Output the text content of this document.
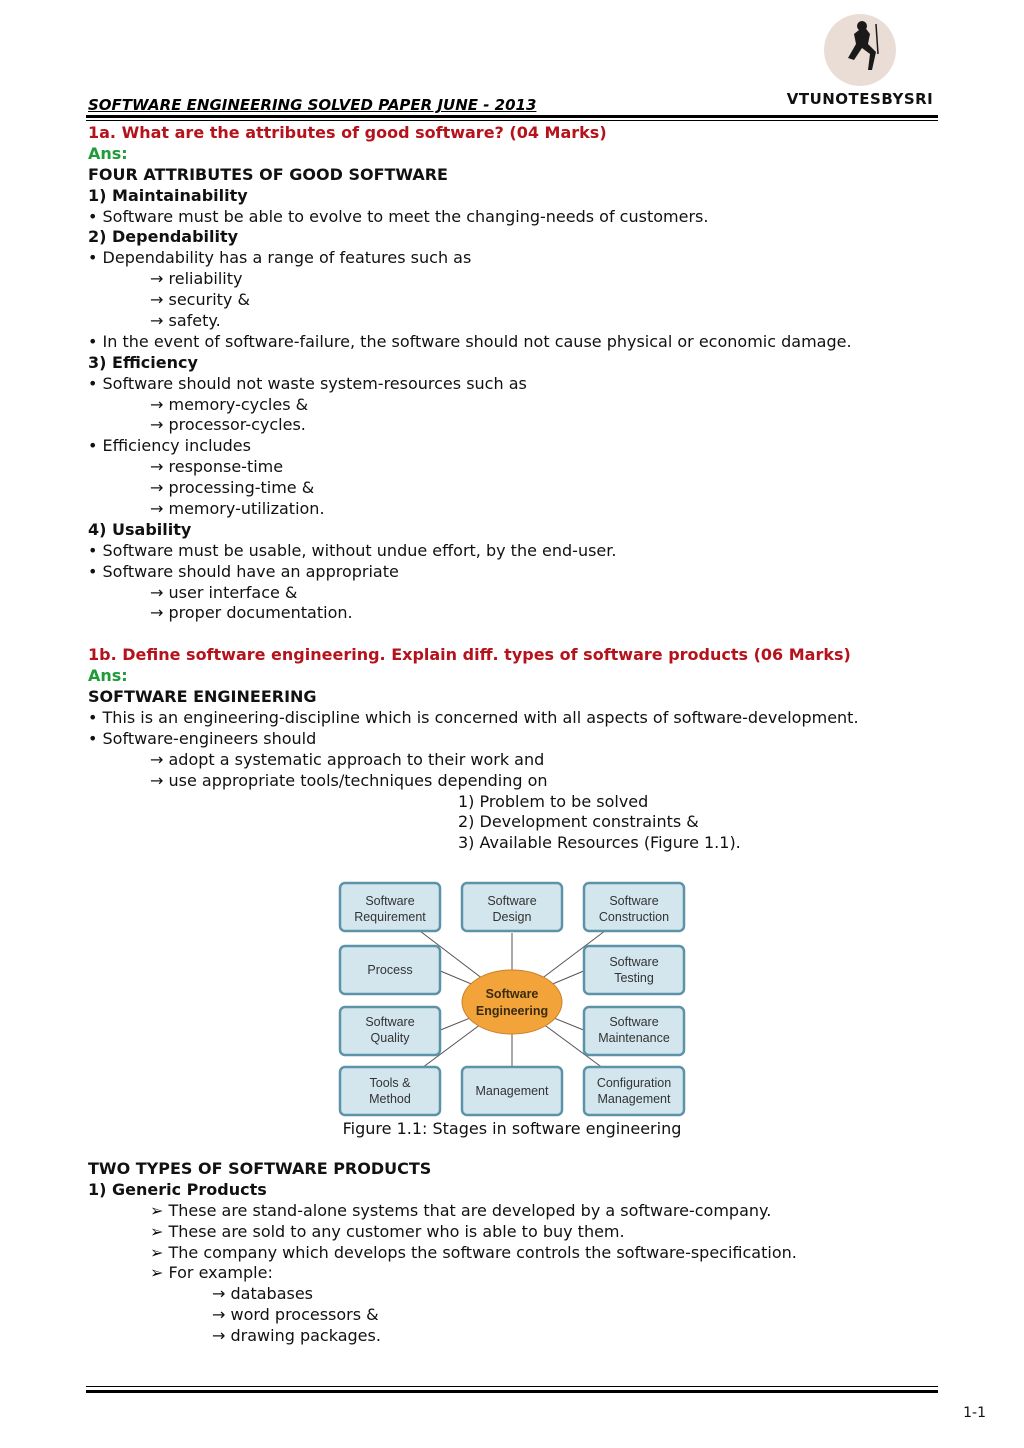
VTUNOTESBYSRI
SOFTWARE ENGINEERING SOLVED PAPER JUNE - 2013
1a. What are the attributes of good software? (04 Marks)
Ans:
FOUR ATTRIBUTES OF GOOD SOFTWARE
1) Maintainability
• Software must be able to evolve to meet the changing-needs of customers.
2) Dependability
• Dependability has a range of features such as
→ reliability
→ security &
→ safety.
• In the event of software-failure, the software should not cause physical or economic damage.
3) Efficiency
• Software should not waste system-resources such as
→ memory-cycles &
→ processor-cycles.
• Efficiency includes
→ response-time
→ processing-time &
→ memory-utilization.
4) Usability
• Software must be usable, without undue effort, by the end-user.
• Software should have an appropriate
→ user interface &
→ proper documentation.
1b. Define software engineering. Explain diff. types of software products (06 Marks)
Ans:
SOFTWARE ENGINEERING
• This is an engineering-discipline which is concerned with all aspects of software-development.
• Software-engineers should
→ adopt a systematic approach to their work and
→ use appropriate tools/techniques depending on
1) Problem to be solved
2) Development constraints &
3) Available Resources (Figure 1.1).
Software
Requirement
Software
Design
Software
Construction
Process
Software
Testing
Software
Quality
Software
Maintenance
Tools &
Method
Management
Configuration
Management
Software
Engineering
Figure 1.1: Stages in software engineering
TWO TYPES OF SOFTWARE PRODUCTS
1) Generic Products
➢ These are stand-alone systems that are developed by a software-company.
➢ These are sold to any customer who is able to buy them.
➢ The company which develops the software controls the software-specification.
➢ For example:
→ databases
→ word processors &
→ drawing packages.
1-1
